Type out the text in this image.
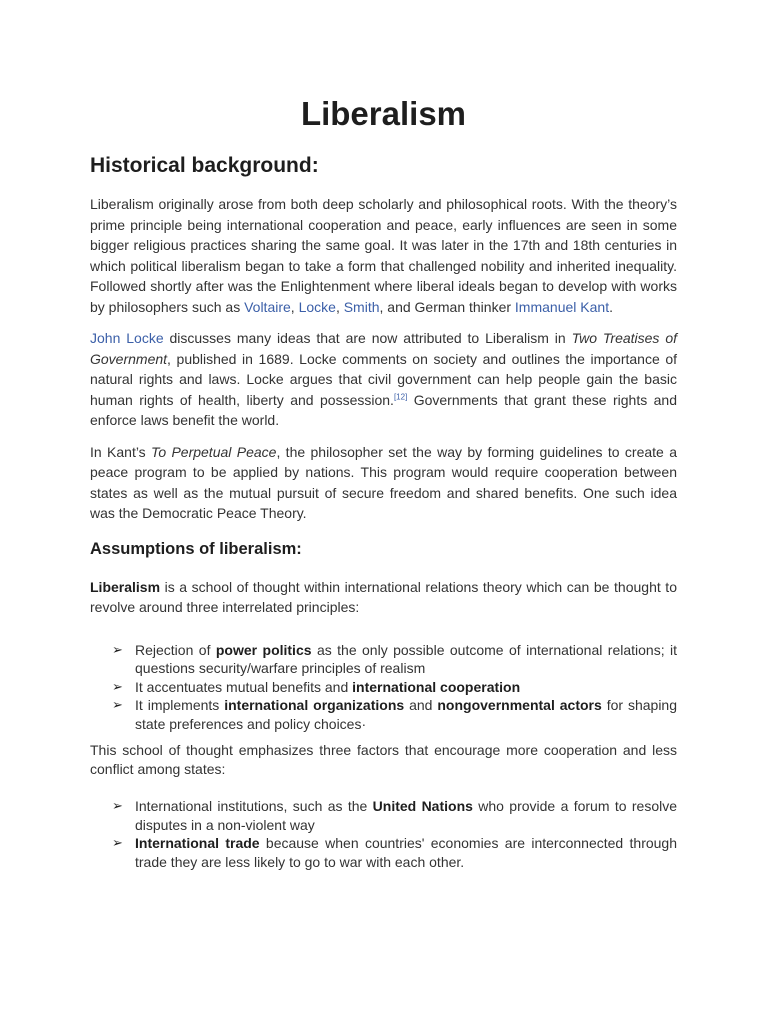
Liberalism
Historical background:

Liberalism originally arose from both deep scholarly and philosophical roots. With the theory’s prime principle being international cooperation and peace, early influences are seen in some bigger religious practices sharing the same goal. It was later in the 17th and 18th centuries in which political liberalism began to take a form that challenged nobility and inherited inequality. Followed shortly after was the Enlightenment where liberal ideals began to develop with works by philosophers such as Voltaire, Locke, Smith, and German thinker Immanuel Kant.

John Locke discusses many ideas that are now attributed to Liberalism in Two Treatises of Government, published in 1689. Locke comments on society and outlines the importance of natural rights and laws. Locke argues that civil government can help people gain the basic human rights of health, liberty and possession.[12] Governments that grant these rights and enforce laws benefit the world.

In Kant’s To Perpetual Peace, the philosopher set the way by forming guidelines to create a peace program to be applied by nations. This program would require cooperation between states as well as the mutual pursuit of secure freedom and shared benefits. One such idea was the Democratic Peace Theory.

Assumptions of liberalism:

Liberalism is a school of thought within international relations theory which can be thought to revolve around three interrelated principles:

➢ Rejection of power politics as the only possible outcome of international relations; it questions security/warfare principles of realism
➢ It accentuates mutual benefits and international cooperation
➢ It implements international organizations and nongovernmental actors for shaping state preferences and policy choices·

This school of thought emphasizes three factors that encourage more cooperation and less conflict among states:

➢ International institutions, such as the United Nations who provide a forum to resolve disputes in a non-violent way
➢ International trade because when countries' economies are interconnected through trade they are less likely to go to war with each other.
